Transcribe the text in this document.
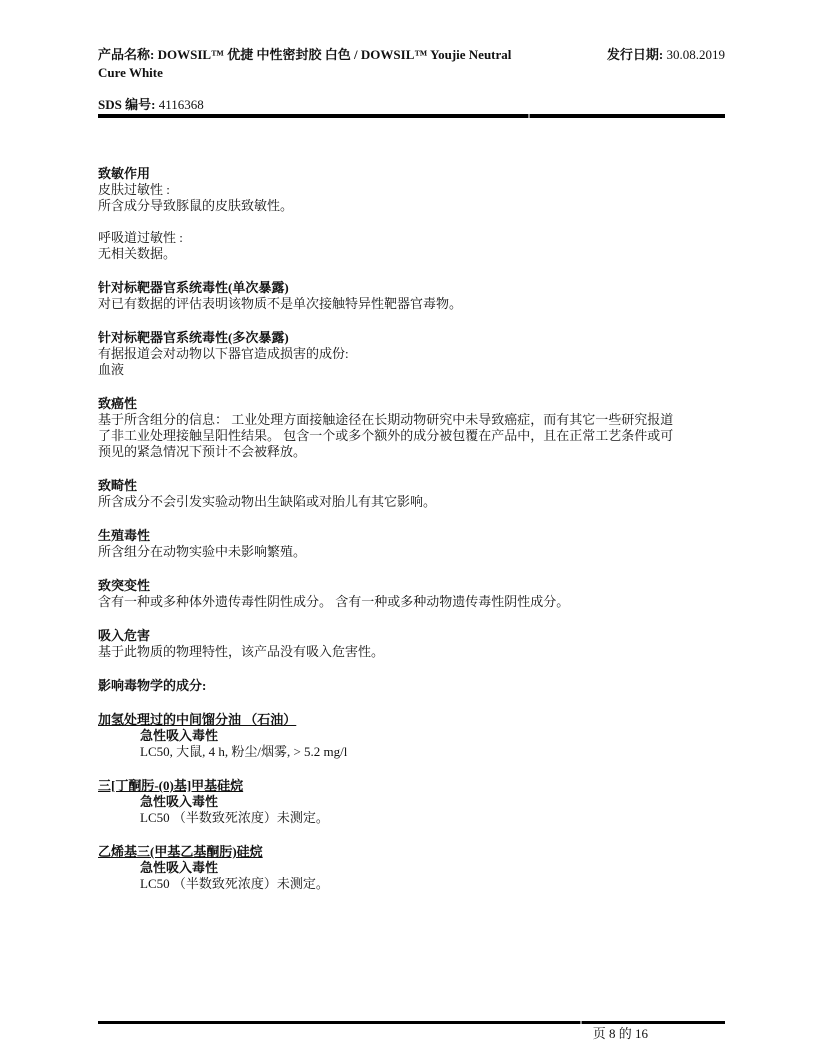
产品名称: DOWSIL™ 优捷 中性密封胶 白色 / DOWSIL™ Youjie Neutral
Cure White
发行日期: 30.08.2019
SDS 编号: 4116368
致敏作用
皮肤过敏性 :
所含成分导致豚鼠的皮肤致敏性。
呼吸道过敏性 :
无相关数据。
针对标靶器官系统毒性(单次暴露)
对已有数据的评估表明该物质不是单次接触特异性靶器官毒物。
针对标靶器官系统毒性(多次暴露)
有据报道会对动物以下器官造成损害的成份:
血液
致癌性
基于所含组分的信息： 工业处理方面接触途径在长期动物研究中未导致癌症，而有其它一些研究报道
了非工业处理接触呈阳性结果。 包含一个或多个额外的成分被包覆在产品中，且在正常工艺条件或可
预见的紧急情况下预计不会被释放。
致畸性
所含成分不会引发实验动物出生缺陷或对胎儿有其它影响。
生殖毒性
所含组分在动物实验中未影响繁殖。
致突变性
含有一种或多种体外遗传毒性阴性成分。 含有一种或多种动物遗传毒性阴性成分。
吸入危害
基于此物质的物理特性，该产品没有吸入危害性。
影响毒物学的成分:
加氢处理过的中间馏分油 （石油）
急性吸入毒性
LC50, 大鼠, 4 h, 粉尘/烟雾, > 5.2 mg/l
三[丁酮肟-(0)基]甲基硅烷
急性吸入毒性
LC50 （半数致死浓度）未测定。
乙烯基三(甲基乙基酮肟)硅烷
急性吸入毒性
LC50 （半数致死浓度）未测定。
页 8 的 16
